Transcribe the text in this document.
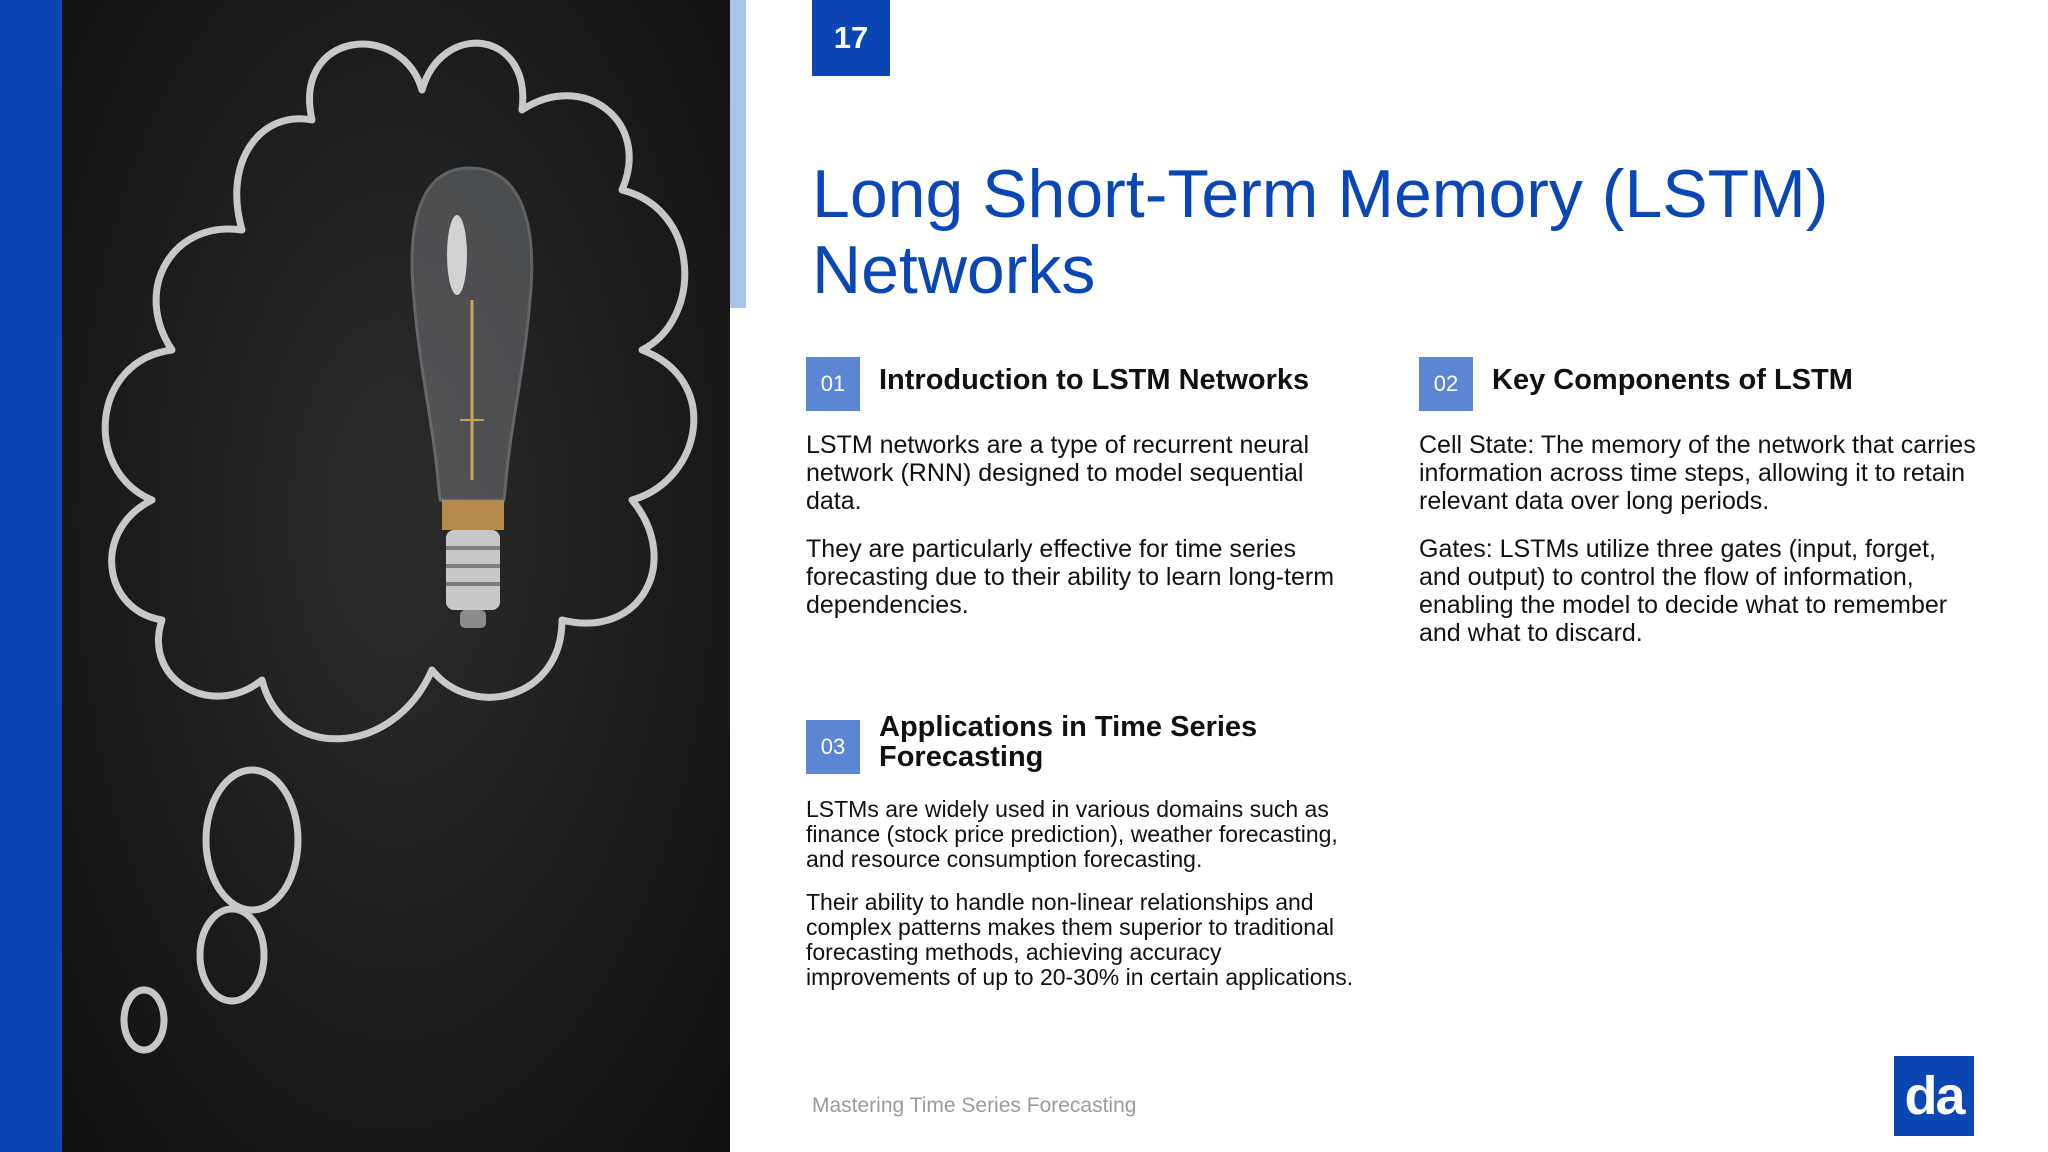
17
Long Short-Term Memory (LSTM) Networks
01	Introduction to LSTM Networks

LSTM networks are a type of recurrent neural network (RNN) designed to model sequential data.

They are particularly effective for time series forecasting due to their ability to learn long-term dependencies.

02	Key Components of LSTM

Cell State: The memory of the network that carries information across time steps, allowing it to retain relevant data over long periods.

Gates: LSTMs utilize three gates (input, forget, and output) to control the flow of information, enabling the model to decide what to remember and what to discard.

03
Applications in Time Series Forecasting

LSTMs are widely used in various domains such as finance (stock price prediction), weather forecasting, and resource consumption forecasting.

Their ability to handle non-linear relationships and complex patterns makes them superior to traditional forecasting methods, achieving accuracy improvements of up to 20-30% in certain applications.

Mastering Time Series Forecasting	da
